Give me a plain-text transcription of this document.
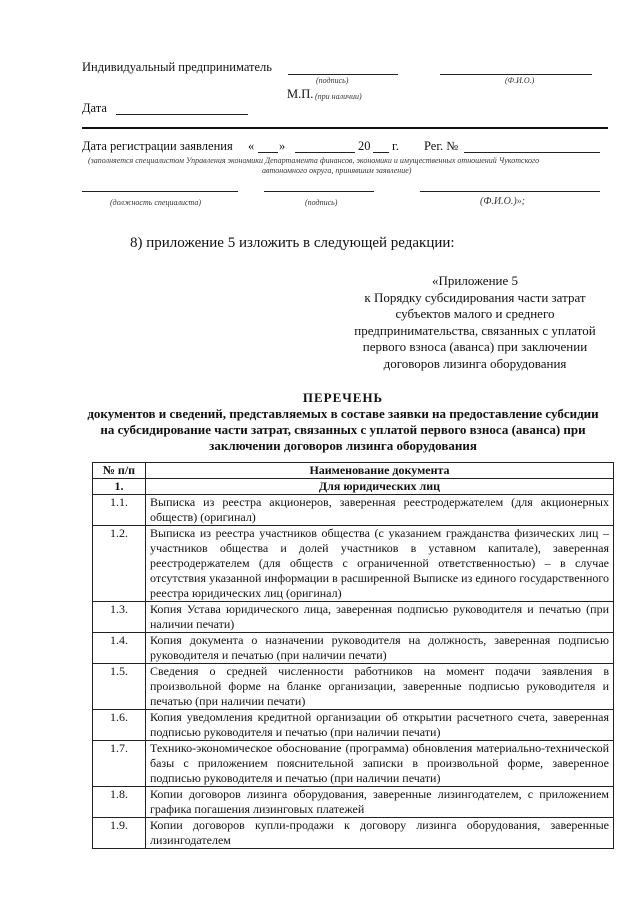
Индивидуальный предприниматель
(подпись)	(Ф.И.О.)
М.П. (при наличии)
Дата
Дата регистрации заявления « »	20 г. Рег. №
(заполняется специалистом Управления экономики Департамента финансов, экономики и имущественных отношений Чукотского
автономного округа, принявшим заявление)
(должность специалиста)	(подпись)	(Ф.И.О.)»;
8) приложение 5 изложить в следующей редакции:
«Приложение 5
к Порядку субсидирования части затрат
субъектов малого и среднего
предпринимательства, связанных с уплатой
первого взноса (аванса) при заключении
договоров лизинга оборудования
ПЕРЕЧЕНЬ
документов и сведений, представляемых в составе заявки на предоставление субсидии
на субсидирование части затрат, связанных с уплатой первого взноса (аванса) при
заключении договоров лизинга оборудования
№ п/п	Наименование документа
1.	Для юридических лиц
1.1.	Выписка из реестра акционеров, заверенная реестродержателем (для акционерных обществ) (оригинал)
1.2.	Выписка из реестра участников общества (с указанием гражданства физических лиц – участников общества и долей участников в уставном капитале), заверенная реестродержателем (для обществ с ограниченной ответственностью) – в случае отсутствия указанной информации в расширенной Выписке из единого государственного реестра юридических лиц (оригинал)
1.3.	Копия Устава юридического лица, заверенная подписью руководителя и печатью (при наличии печати)
1.4.	Копия документа о назначении руководителя на должность, заверенная подписью руководителя и печатью (при наличии печати)
1.5.	Сведения о средней численности работников на момент подачи заявления в произвольной форме на бланке организации, заверенные подписью руководителя и печатью (при наличии печати)
1.6.	Копия уведомления кредитной организации об открытии расчетного счета, заверенная подписью руководителя и печатью (при наличии печати)
1.7.	Технико-экономическое обоснование (программа) обновления материально-технической базы с приложением пояснительной записки в произвольной форме, заверенное подписью руководителя и печатью (при наличии печати)
1.8.	Копии договоров лизинга оборудования, заверенные лизингодателем, с приложением графика погашения лизинговых платежей
1.9.	Копии договоров купли-продажи к договору лизинга оборудования, заверенные лизингодателем
